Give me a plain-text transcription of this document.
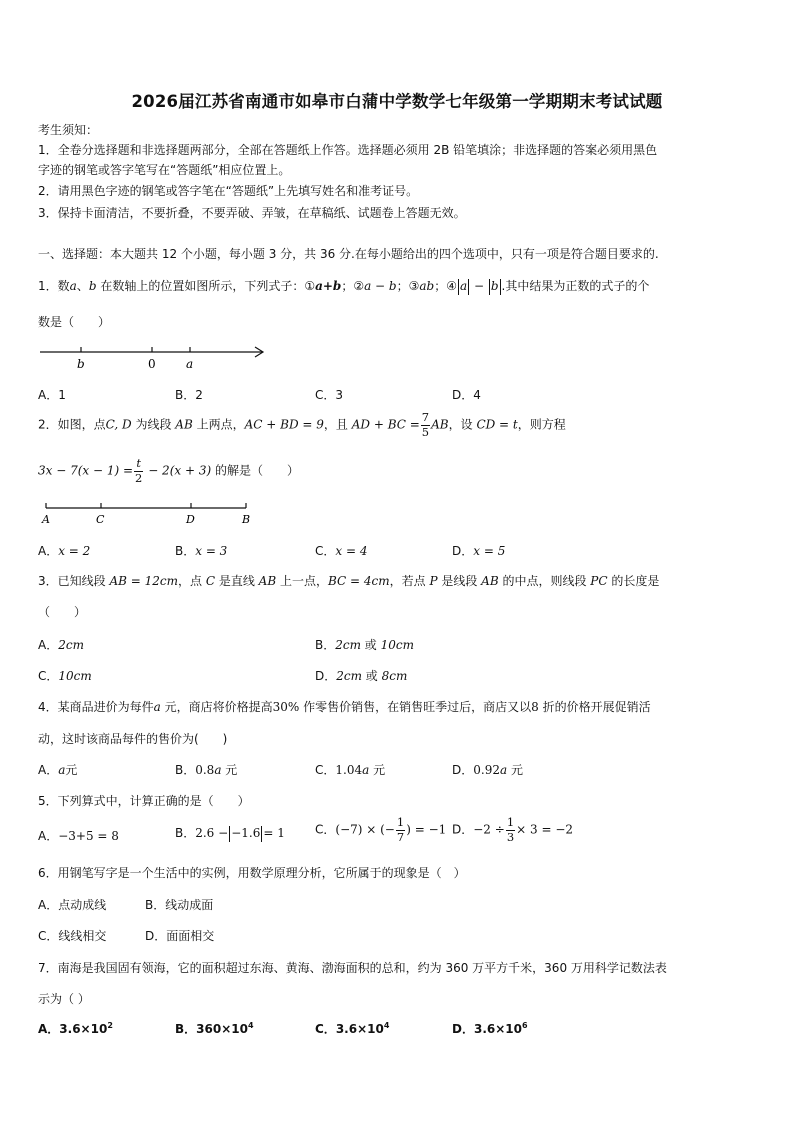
2026届江苏省南通市如皋市白蒲中学数学七年级第一学期期末考试试题
考生须知：
1．全卷分选择题和非选择题两部分，全部在答题纸上作答。选择题必须用 2B 铅笔填涂；非选择题的答案必须用黑色
字迹的钢笔或答字笔写在“答题纸”相应位置上。
2．请用黑色字迹的钢笔或答字笔在“答题纸”上先填写姓名和准考证号。
3．保持卡面清洁，不要折叠，不要弄破、弄皱，在草稿纸、试题卷上答题无效。
一、选择题：本大题共 12 个小题，每小题 3 分，共 36 分.在每小题给出的四个选项中，只有一项是符合题目要求的.
1．数a、b 在数轴上的位置如图所示，下列式子：①a+b；②a − b；③ab；④ a − b .其中结果为正数的式子的个
数是（　　）
b	0	a
A．1	B．2	C．3	D．4
2．如图，点C, D 为线段 AB 上两点，AC + BD = 9，且 AD + BC = $\frac{7}{5}$ AB，设 CD = t，则方程
$3x - 7(x - 1) = \frac{t}{2} - 2(x + 3)$ 的解是（　　）
A	C	D	B
A．x = 2	B．x = 3	C．x = 4	D．x = 5
3．已知线段 AB = 12cm，点 C 是直线 AB 上一点，BC = 4cm，若点 P 是线段 AB 的中点，则线段 PC 的长度是
（　　）
A．2cm	B．2cm 或 10cm
C．10cm	D．2cm 或 8cm
4．某商品进价为每件a 元，商店将价格提高30% 作零售价销售，在销售旺季过后，商店又以8 折的价格开展促销活
动，这时该商品每件的售价为(　　)
A．a元	B．0.8a 元	C．1.04a 元	D．0.92a 元
5．下列算式中，计算正确的是（　　）
A．−3+5 = 8	B．2.6 − −1.6 = 1	C．(−7) × (− $\frac{1}{7}$ ) = −1 D．$-2 \div \frac{1}{3} \times 3 = -2$
6．用钢笔写字是一个生活中的实例，用数学原理分析，它所属于的现象是（　）
A．点动成线	B．线动成面
C．线线相交	D．面面相交
7．南海是我国固有领海，它的面积超过东海、黄海、渤海面积的总和，约为 360 万平方千米，360 万用科学记数法表
示为（ ）
A．$3.6\times 10^2$	B．$360\times 10^4$	C．$3.6\times 10^4$	D．$3.6\times 10^6$
